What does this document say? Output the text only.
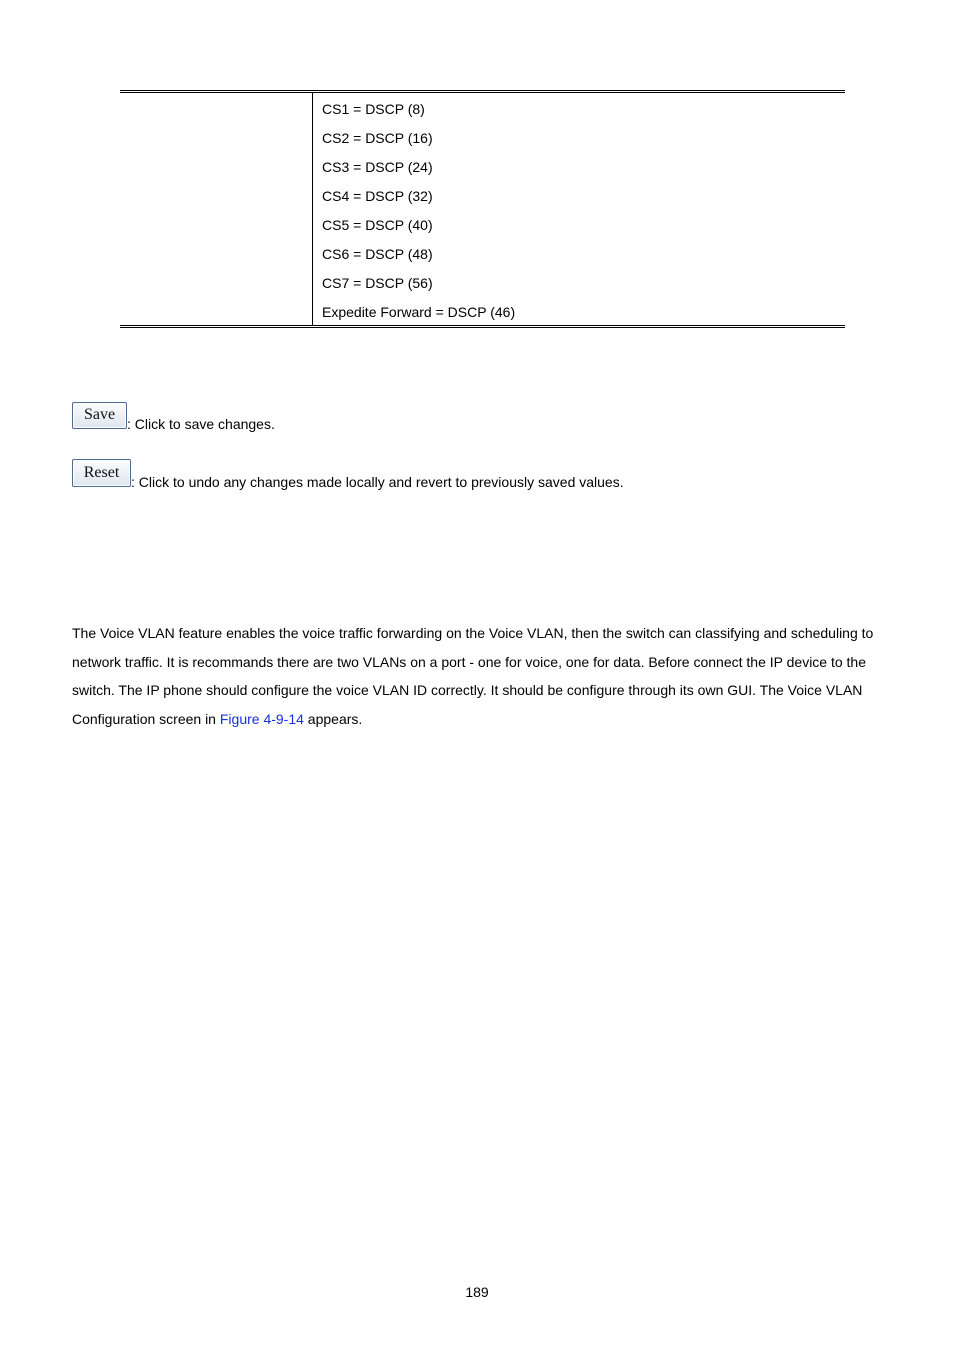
CS1 = DSCP (8)
CS2 = DSCP (16)
CS3 = DSCP (24)
CS4 = DSCP (32)
CS5 = DSCP (40)
CS6 = DSCP (48)
CS7 = DSCP (56)
Expedite Forward = DSCP (46)
Save
: Click to save changes.
Reset
: Click to undo any changes made locally and revert to previously saved values.

The Voice VLAN feature enables the voice traffic forwarding on the Voice VLAN, then the switch can classifying and scheduling to network traffic. It is recommands there are two VLANs on a port - one for voice, one for data. Before connect the IP device to the switch. The IP phone should configure the voice VLAN ID correctly. It should be configure through its own GUI. The Voice VLAN Configuration screen in Figure 4-9-14 appears.

189
